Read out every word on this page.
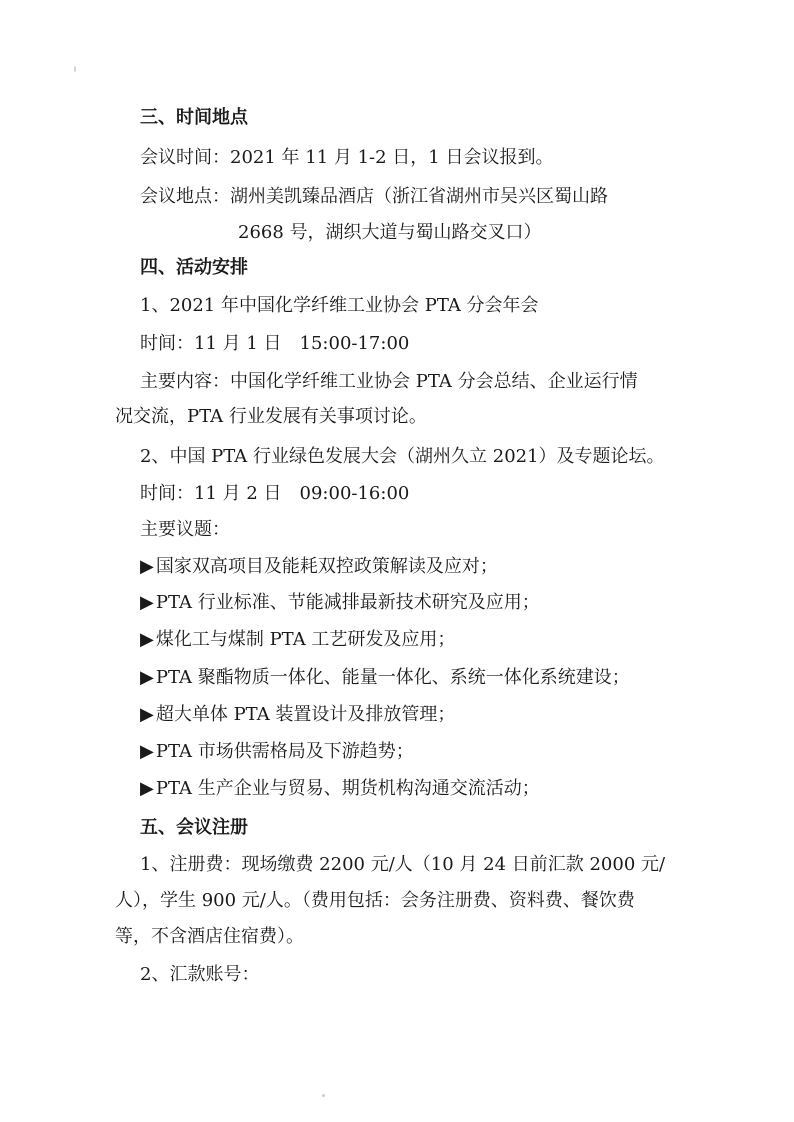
三、时间地点
会议时间：2021 年 11 月 1-2 日，1 日会议报到。
会议地点：湖州美凯臻品酒店（浙江省湖州市吴兴区蜀山路
2668 号，湖织大道与蜀山路交叉口）
四、活动安排
1、2021 年中国化学纤维工业协会 PTA 分会年会
时间：11 月 1 日　15:00-17:00
主要内容：中国化学纤维工业协会 PTA 分会总结、企业运行情
况交流，PTA 行业发展有关事项讨论。
2、中国 PTA 行业绿色发展大会（湖州久立 2021）及专题论坛。
时间：11 月 2 日　09:00-16:00
主要议题：
▶ 国家双高项目及能耗双控政策解读及应对；
▶ PTA 行业标准、节能减排最新技术研究及应用；
▶ 煤化工与煤制 PTA 工艺研发及应用；
▶ PTA 聚酯物质一体化、能量一体化、系统一体化系统建设；
▶ 超大单体 PTA 装置设计及排放管理；
▶ PTA 市场供需格局及下游趋势；
▶ PTA 生产企业与贸易、期货机构沟通交流活动；
五、会议注册
1、注册费：现场缴费 2200 元/人（10 月 24 日前汇款 2000 元/
人），学生 900 元/人。（费用包括：会务注册费、资料费、餐饮费
等，不含酒店住宿费）。
2、汇款账号：
